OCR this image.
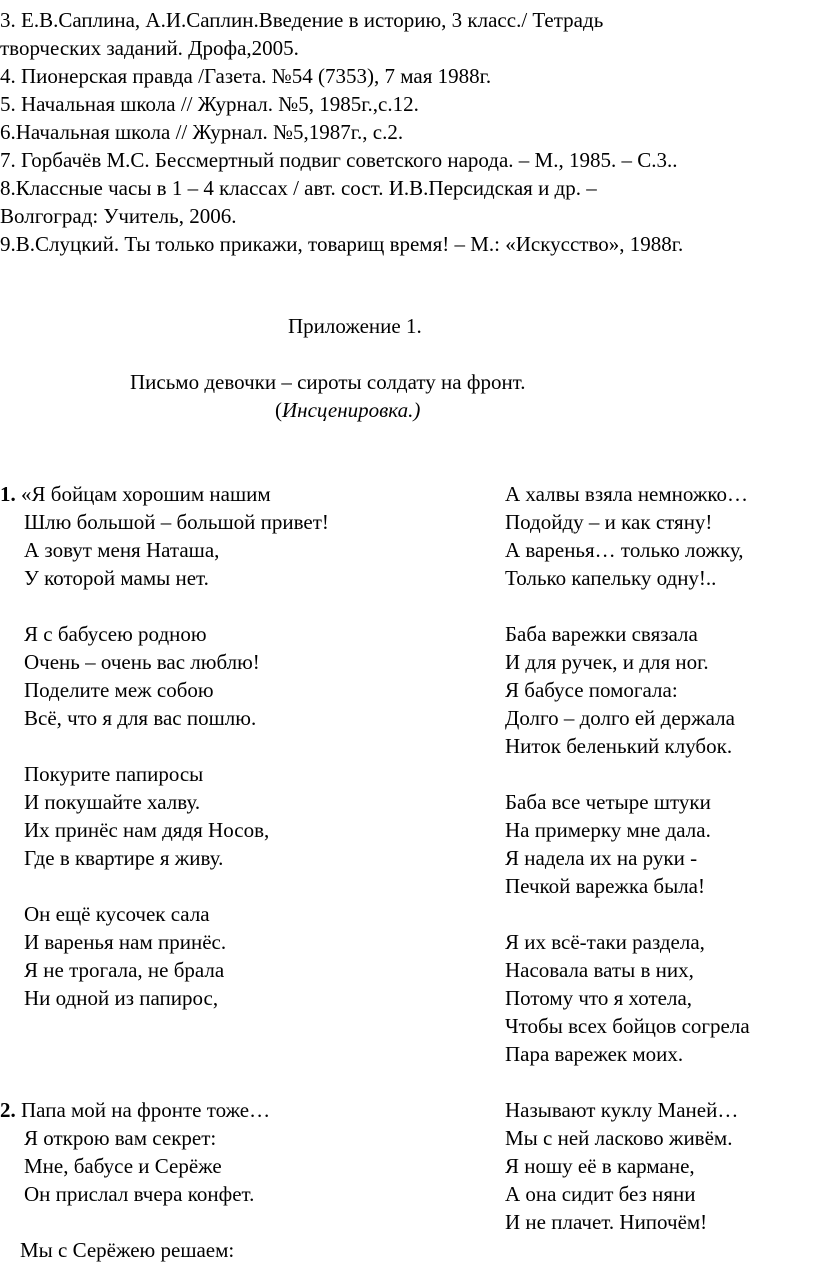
3. Е.В.Саплина, А.И.Саплин.Введение в историю, 3 класс./ Тетрадь
творческих заданий. Дрофа,2005.
4. Пионерская правда /Газета. №54 (7353), 7 мая 1988г.
5. Начальная школа // Журнал. №5, 1985г.,с.12.
6.Начальная школа // Журнал. №5,1987г., с.2.
7. Горбачёв М.С. Бессмертный подвиг советского народа. – М., 1985. – С.3..
8.Классные часы в 1 – 4 классах / авт. сост. И.В.Персидская и др. –
Волгоград: Учитель, 2006.
9.В.Слуцкий. Ты только прикажи, товарищ время! – М.: «Искусство», 1988г.
Приложение 1.
Письмо девочки – сироты солдату на фронт.
(Инсценировка.)
1. «Я бойцам хорошим нашим
Шлю большой – большой привет!
А зовут меня Наташа,
У которой мамы нет.
Я с бабусею родною
Очень – очень вас люблю!
Поделите меж собою
Всё, что я для вас пошлю.
Покурите папиросы
И покушайте халву.
Их принёс нам дядя Носов,
Где в квартире я живу.
Он ещё кусочек сала
И варенья нам принёс.
Я не трогала, не брала
Ни одной из папирос,
2. Папа мой на фронте тоже…
Я открою вам секрет:
Мне, бабусе и Серёже
Он прислал вчера конфет.
Мы с Серёжею решаем:
А халвы взяла немножко…
Подойду – и как стяну!
А варенья… только ложку,
Только капельку одну!..
Баба варежки связала
И для ручек, и для ног.
Я бабусе помогала:
Долго – долго ей держала
Ниток беленький клубок.
Баба все четыре штуки
На примерку мне дала.
Я надела их на руки -
Печкой варежка была!
Я их всё-таки раздела,
Насовала ваты в них,
Потому что я хотела,
Чтобы всех бойцов согрела
Пара варежек моих.
Называют куклу Маней…
Мы с ней ласково живём.
Я ношу её в кармане,
А она сидит без няни
И не плачет. Нипочём!
